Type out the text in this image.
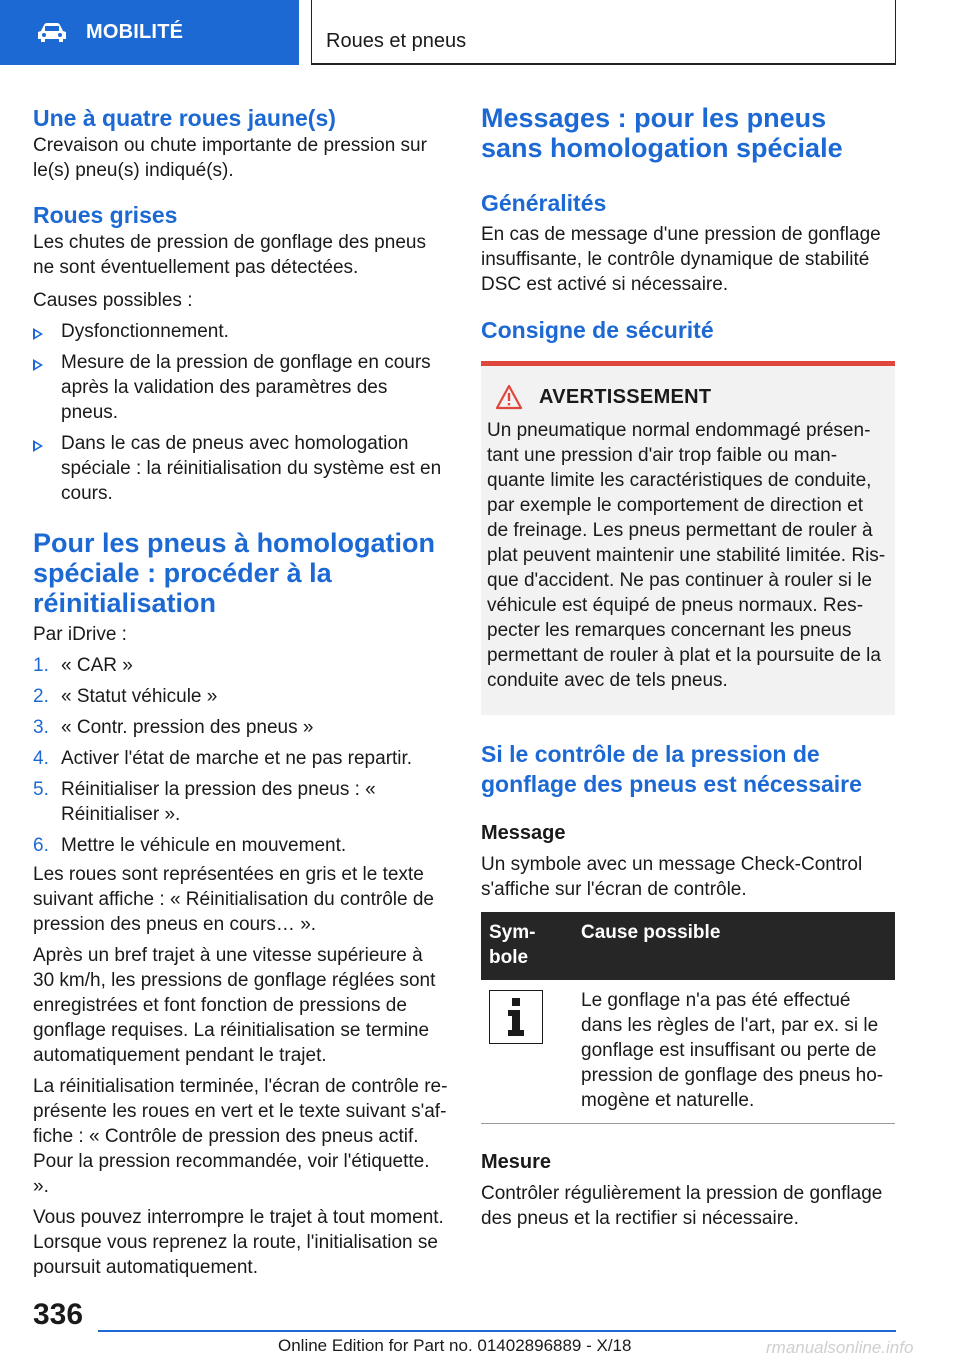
MOBILITÉ	Roues et pneus
Une à quatre roues jaune(s)

Crevaison ou chute importante de pression sur le(s) pneu(s) indiqué(s).

Roues grises

Les chutes de pression de gonflage des pneus ne sont éventuellement pas détectées.

Causes possibles :

Dysfonctionnement.
Mesure de la pression de gonflage en cours après la validation des paramètres des pneus.
Dans le cas de pneus avec homologation spéciale : la réinitialisation du système est en cours.
Pour les pneus à homologation spéciale : procéder à la réinitialisation

Par iDrive :

1. « CAR »
2. « Statut véhicule »
3. « Contr. pression des pneus »
4. Activer l'état de marche et ne pas repartir.
5. Réinitialiser la pression des pneus : « Réinitialiser ».
6. Mettre le véhicule en mouvement.

Les roues sont représentées en gris et le texte suivant affiche : « Réinitialisation du contrôle de pression des pneus en cours… ».

Après un bref trajet à une vitesse supérieure à 30 km/h, les pressions de gonflage réglées sont enregistrées et font fonction de pressions de gonflage requises. La réinitialisation se termine automatiquement pendant le trajet.

La réinitialisation terminée, l'écran de contrôle représente les roues en vert et le texte suivant s'affiche : « Contrôle de pression des pneus actif. Pour la pression recommandée, voir l'étiquette. ».

Vous pouvez interrompre le trajet à tout moment. Lorsque vous reprenez la route, l'initialisation se poursuit automatiquement.

Messages : pour les pneus sans homologation spéciale
Généralités

En cas de message d'une pression de gonflage insuffisante, le contrôle dynamique de stabilité DSC est activé si nécessaire.

Consigne de sécurité
AVERTISSEMENT

Un pneumatique normal endommagé présentant une pression d'air trop faible ou manquante limite les caractéristiques de conduite, par exemple le comportement de direction et de freinage. Les pneus permettant de rouler à plat peuvent maintenir une stabilité limitée. Risque d'accident. Ne pas continuer à rouler si le véhicule est équipé de pneus normaux. Respecter les remarques concernant les pneus permettant de rouler à plat et la poursuite de la conduite avec de tels pneus.

Si le contrôle de la pression de gonflage des pneus est nécessaire
Message

Un symbole avec un message Check-Control s'affiche sur l'écran de contrôle.

Symbole	Cause possible

	Le gonflage n'a pas été effectué dans les règles de l'art, par ex. si le gonflage est insuffisant ou perte de pression de gonflage des pneus homogène et naturelle.
Mesure

Contrôler régulièrement la pression de gonflage des pneus et la rectifier si nécessaire.

336
Online Edition for Part no. 01402896889 - X/18	rmanualsonline.info
